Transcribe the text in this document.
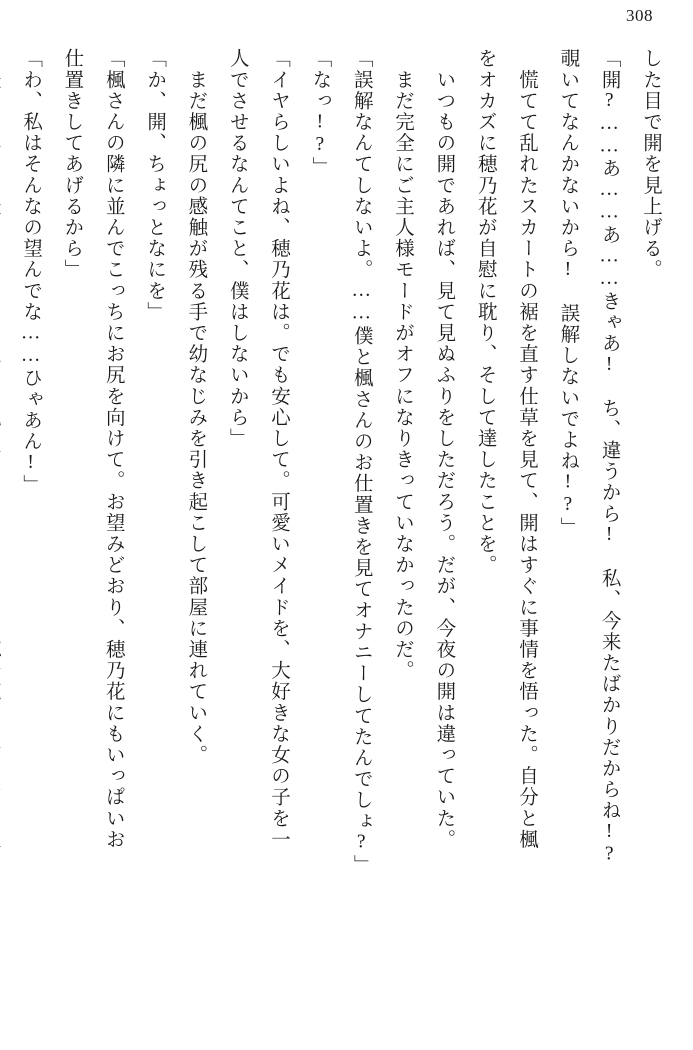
308
した目で開を見上げる。
「開?……あ……あ……きゃあ!　ち、違うから!　私、今来たばかりだからね!?
覗いてなんかないから!　誤解しないでよね!?」
　慌てて乱れたスカートの裾を直す仕草を見て、開はすぐに事情を悟った。自分と楓
をオカズに穂乃花が自慰に耽り、そして達したことを。
　いつもの開であれば、見て見ぬふりをしただろう。だが、今夜の開は違っていた。
　まだ完全にご主人様モードがオフになりきっていなかったのだ。
「誤解なんてしないよ。……僕と楓さんのお仕置きを見てオナニーしてたんでしょ?」
「なっ!?」
「イヤらしいよね、穂乃花は。でも安心して。可愛いメイドを、大好きな女の子を一
人でさせるなんてこと、僕はしないから」
　まだ楓の尻の感触が残る手で幼なじみを引き起こして部屋に連れていく。
「か、開、ちょっとなにを」
「楓さんの隣に並んでこっちにお尻を向けて。お望みどおり、穂乃花にもいっぱいお
仕置きしてあげるから」
「わ、私はそんなの望んでな……ひゃあん!」
